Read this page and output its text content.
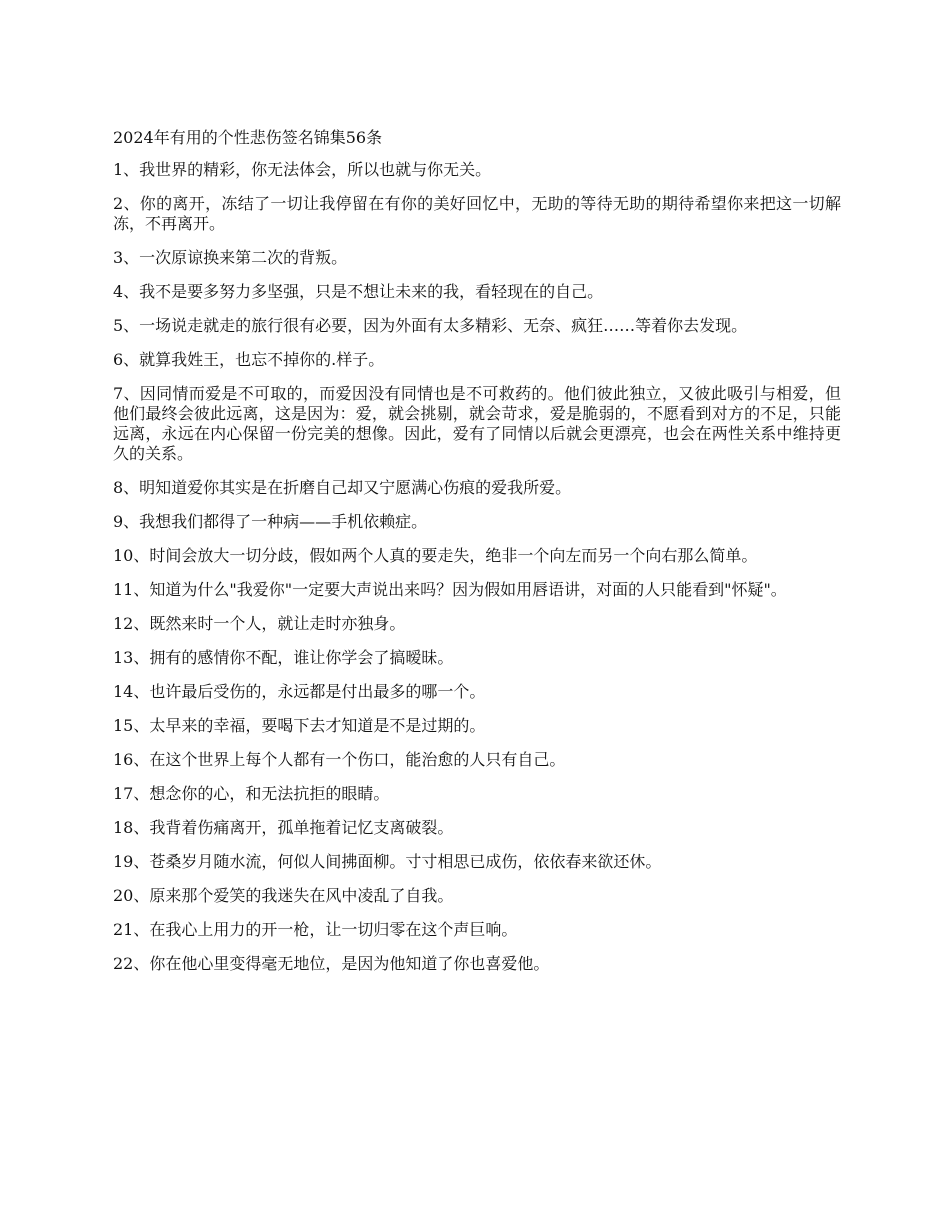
2024年有用的个性悲伤签名锦集56条

1、我世界的精彩，你无法体会，所以也就与你无关。

2、你的离开，冻结了一切让我停留在有你的美好回忆中，无助的等待无助的期待希望你来把这一切解冻，不再离开。

3、一次原谅换来第二次的背叛。

4、我不是要多努力多坚强，只是不想让未来的我，看轻现在的自己。

5、一场说走就走的旅行很有必要，因为外面有太多精彩、无奈、疯狂……等着你去发现。

6、就算我姓王，也忘不掉你的.样子。

7、因同情而爱是不可取的，而爱因没有同情也是不可救药的。他们彼此独立，又彼此吸引与相爱，但他们最终会彼此远离，这是因为：爱，就会挑剔，就会苛求，爱是脆弱的，不愿看到对方的不足，只能远离，永远在内心保留一份完美的想像。因此，爱有了同情以后就会更漂亮，也会在两性关系中维持更久的关系。

8、明知道爱你其实是在折磨自己却又宁愿满心伤痕的爱我所爱。

9、我想我们都得了一种病——手机依赖症。

10、时间会放大一切分歧，假如两个人真的要走失，绝非一个向左而另一个向右那么简单。

11、知道为什么"我爱你"一定要大声说出来吗？因为假如用唇语讲，对面的人只能看到"怀疑"。

12、既然来时一个人，就让走时亦独身。

13、拥有的感情你不配，谁让你学会了搞暧昧。

14、也许最后受伤的，永远都是付出最多的哪一个。

15、太早来的幸福，要喝下去才知道是不是过期的。

16、在这个世界上每个人都有一个伤口，能治愈的人只有自己。

17、想念你的心，和无法抗拒的眼睛。

18、我背着伤痛离开，孤单拖着记忆支离破裂。

19、苍桑岁月随水流，何似人间拂面柳。寸寸相思已成伤，依依春来欲还休。

20、原来那个爱笑的我迷失在风中凌乱了自我。

21、在我心上用力的开一枪，让一切归零在这个声巨响。

22、你在他心里变得毫无地位，是因为他知道了你也喜爱他。
